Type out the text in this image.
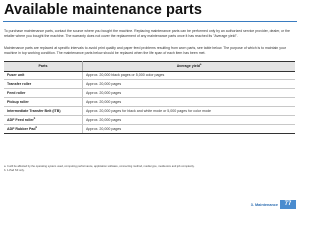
Available maintenance parts
To purchase maintenance parts, contact the source where you bought the machine. Replacing maintenance parts can be performed only by an authorized service provider, dealer, or the retailer where you bought the machine. The warranty does not cover the replacement of any maintenance parts once it has reached its "Average yield".
Maintenance parts are replaced at specific intervals to avoid print quality and paper feed problems resulting from worn parts, see table below. The purpose of which is to maintain your machine in top working condition. The maintenance parts below should be replaced when the life span of each item has been met.
Parts	Average yield$^a$
Fuser unit	Approx. 20,000 black pages or 5,000 color pages
Transfer roller	Approx. 20,000 pages
Feed roller	Approx. 20,000 pages
Pickup roller	Approx. 20,000 pages
Intermediate Transfer Belt (ITB)	Approx. 20,000 pages for black and white mode or 5,000 pages for color mode
ADF Feed roller$^b$	Approx. 20,000 pages
ADF Rubber Pad$^b$	Approx. 20,000 pages
a. It will be affected by the operating system used, computing performance, application software, connecting method, media type, media size and job complexity.
b. 1-Pad SF only.
3. Maintenance	77
